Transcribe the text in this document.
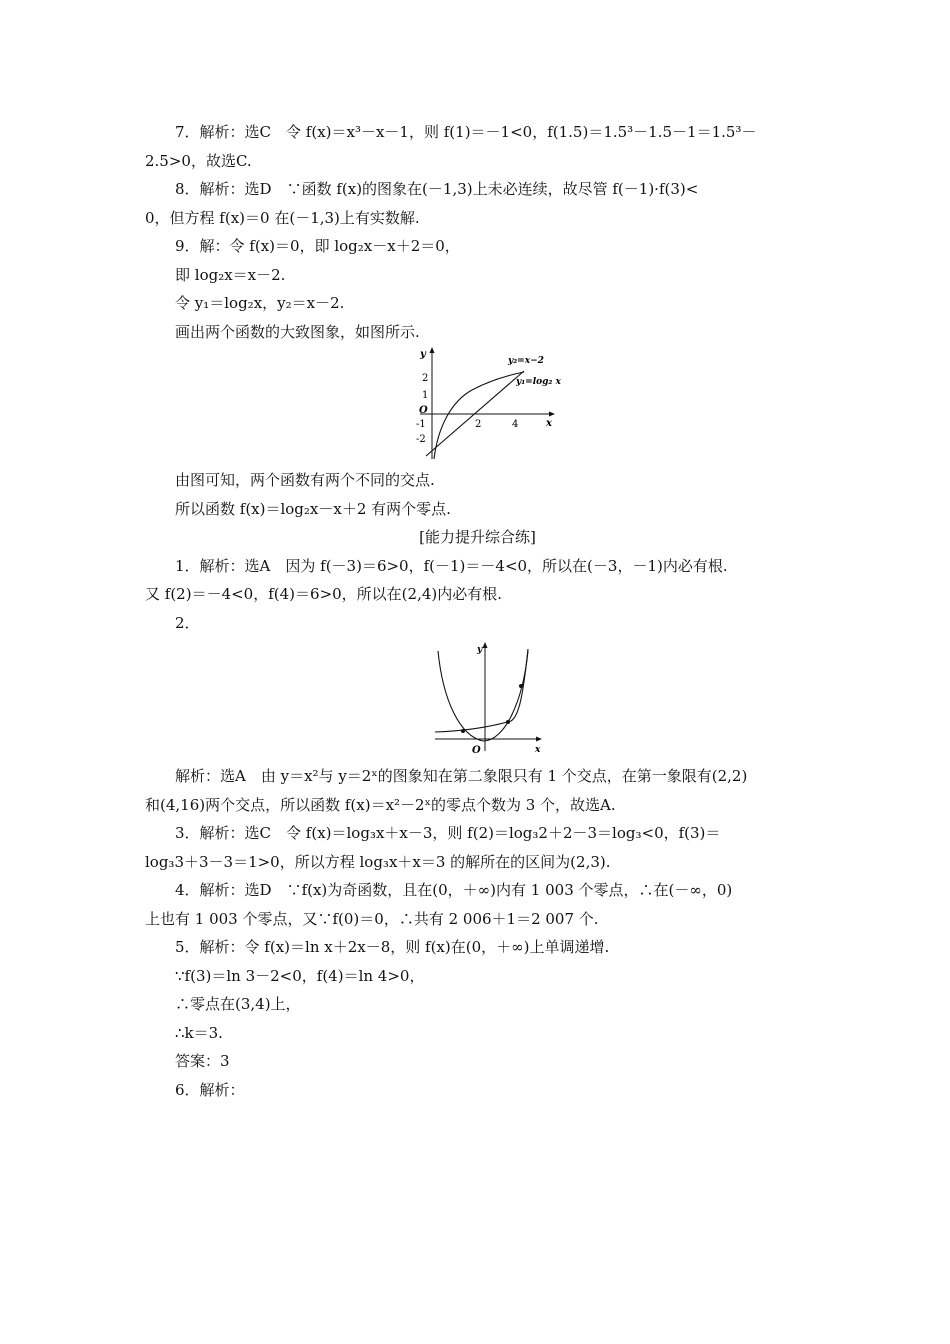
7．解析：选C　令 f(x)＝x³－x－1，则 f(1)＝－1<0，f(1.5)＝1.5³－1.5－1＝1.5³－

2.5>0，故选C.

8．解析：选D　∵函数 f(x)的图象在(－1,3)上未必连续，故尽管 f(－1)·f(3)<

0，但方程 f(x)＝0 在(－1,3)上有实数解.

9．解：令 f(x)＝0，即 log₂x－x＋2＝0，

即 log₂x＝x－2.

令 y₁＝log₂x，y₂＝x－2.

画出两个函数的大致图象，如图所示.

y
x
O
2
1
-1
-2
2	4
y₂=x−2
y₁=log₂ x

由图可知，两个函数有两个不同的交点.

所以函数 f(x)＝log₂x－x＋2 有两个零点.

[能力提升综合练]

1．解析：选A　因为 f(－3)＝6>0，f(－1)＝－4<0，所以在(－3，－1)内必有根.

又 f(2)＝－4<0，f(4)＝6>0，所以在(2,4)内必有根.

2．

y
x
O

解析：选A　由 y＝x²与 y＝2ˣ的图象知在第二象限只有 1 个交点，在第一象限有(2,2)

和(4,16)两个交点，所以函数 f(x)＝x²－2ˣ的零点个数为 3 个，故选A.

3．解析：选C　令 f(x)＝log₃x＋x－3，则 f(2)＝log₃2＋2－3＝log₃<0，f(3)＝

log₃3＋3－3＝1>0，所以方程 log₃x＋x＝3 的解所在的区间为(2,3).

4．解析：选D　∵f(x)为奇函数，且在(0，＋∞)内有 1 003 个零点，∴在(－∞，0)

上也有 1 003 个零点，又∵f(0)＝0，∴共有 2 006＋1＝2 007 个.

5．解析：令 f(x)＝ln x＋2x－8，则 f(x)在(0，＋∞)上单调递增.

∵f(3)＝ln 3－2<0，f(4)＝ln 4>0，

∴零点在(3,4)上，

∴k＝3.

答案：3

6．解析：
